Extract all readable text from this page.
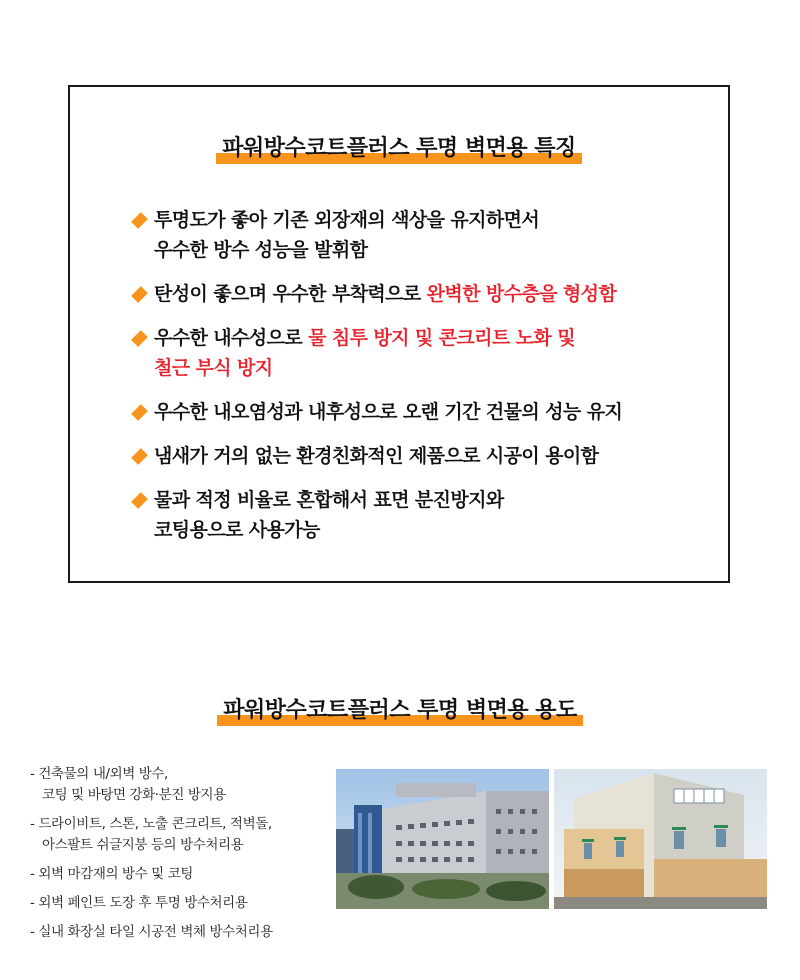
파워방수코트플러스 투명 벽면용 특징
투명도가 좋아 기존 외장재의 색상을 유지하면서
우수한 방수 성능을 발휘함
탄성이 좋으며 우수한 부착력으로 완벽한 방수층을 형성함
우수한 내수성으로 물 침투 방지 및 콘크리트 노화 및
철근 부식 방지
우수한 내오염성과 내후성으로 오랜 기간 건물의 성능 유지
냄새가 거의 없는 환경친화적인 제품으로 시공이 용이함
물과 적정 비율로 혼합해서 표면 분진방지와
코팅용으로 사용가능
파워방수코트플러스 투명 벽면용 용도
- 건축물의 내/외벽 방수,
코팅 및 바탕면 강화·분진 방지용
- 드라이비트, 스톤, 노출 콘크리트, 적벽돌,
아스팔트 쉬글지붕 등의 방수처리용
- 외벽 마감재의 방수 및 코팅
- 외벽 페인트 도장 후 투명 방수처리용
- 실내 화장실 타일 시공전 벽체 방수처리용
